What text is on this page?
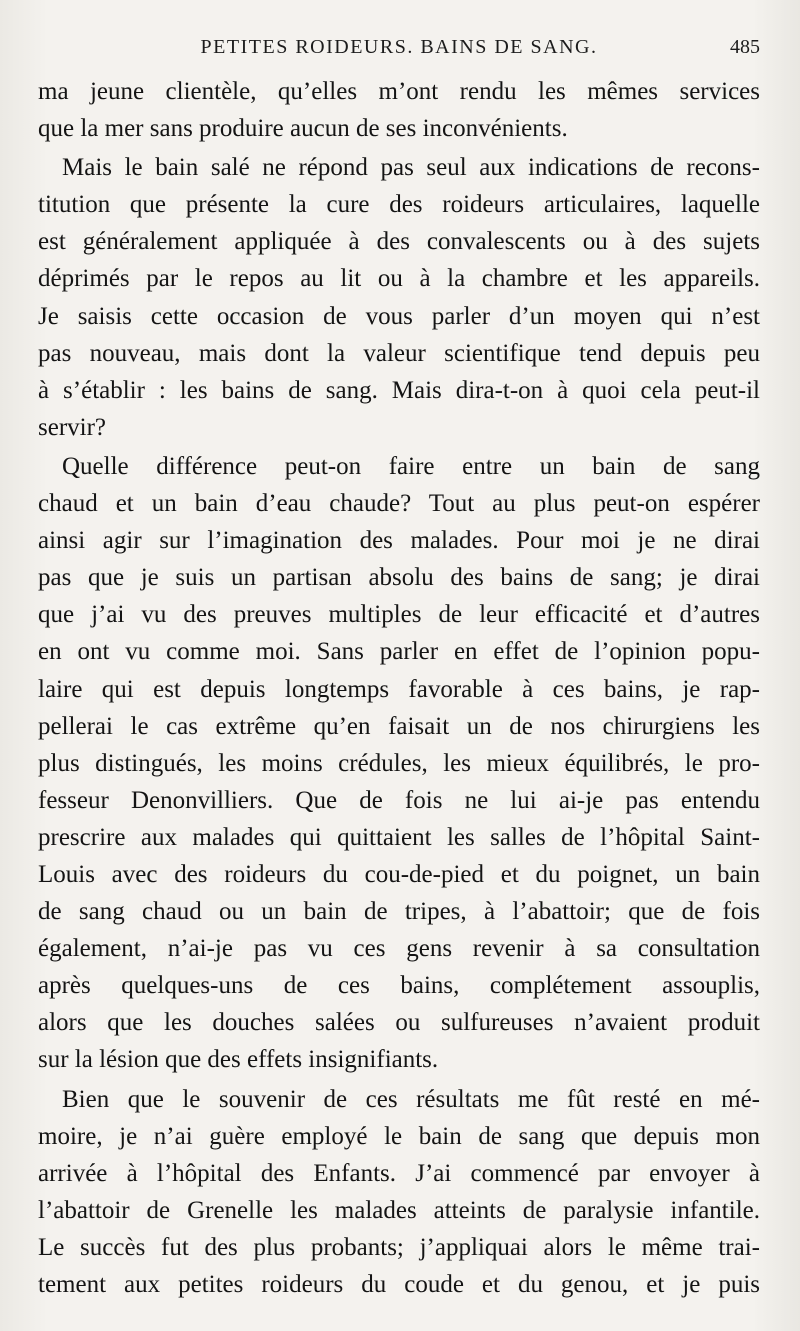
PETITES ROIDEURS. BAINS DE SANG.	485

ma jeune clientèle, qu’elles m’ont rendu les mêmes services
que la mer sans produire aucun de ses inconvénients.

Mais le bain salé ne répond pas seul aux indications de recons-
titution que présente la cure des roideurs articulaires, laquelle
est généralement appliquée à des convalescents ou à des sujets
déprimés par le repos au lit ou à la chambre et les appareils.
Je saisis cette occasion de vous parler d’un moyen qui n’est
pas nouveau, mais dont la valeur scientifique tend depuis peu
à s’établir : les bains de sang. Mais dira-t-on à quoi cela peut-il
servir?

Quelle différence peut-on faire entre un bain de sang
chaud et un bain d’eau chaude? Tout au plus peut-on espérer
ainsi agir sur l’imagination des malades. Pour moi je ne dirai
pas que je suis un partisan absolu des bains de sang; je dirai
que j’ai vu des preuves multiples de leur efficacité et d’autres
en ont vu comme moi. Sans parler en effet de l’opinion popu-
laire qui est depuis longtemps favorable à ces bains, je rap-
pellerai le cas extrême qu’en faisait un de nos chirurgiens les
plus distingués, les moins crédules, les mieux équilibrés, le pro-
fesseur Denonvilliers. Que de fois ne lui ai-je pas entendu
prescrire aux malades qui quittaient les salles de l’hôpital Saint-
Louis avec des roideurs du cou-de-pied et du poignet, un bain
de sang chaud ou un bain de tripes, à l’abattoir; que de fois
également, n’ai-je pas vu ces gens revenir à sa consultation
après quelques-uns de ces bains, complétement assouplis,
alors que les douches salées ou sulfureuses n’avaient produit
sur la lésion que des effets insignifiants.

Bien que le souvenir de ces résultats me fût resté en mé-
moire, je n’ai guère employé le bain de sang que depuis mon
arrivée à l’hôpital des Enfants. J’ai commencé par envoyer à
l’abattoir de Grenelle les malades atteints de paralysie infantile.
Le succès fut des plus probants; j’appliquai alors le même trai-
tement aux petites roideurs du coude et du genou, et je puis
